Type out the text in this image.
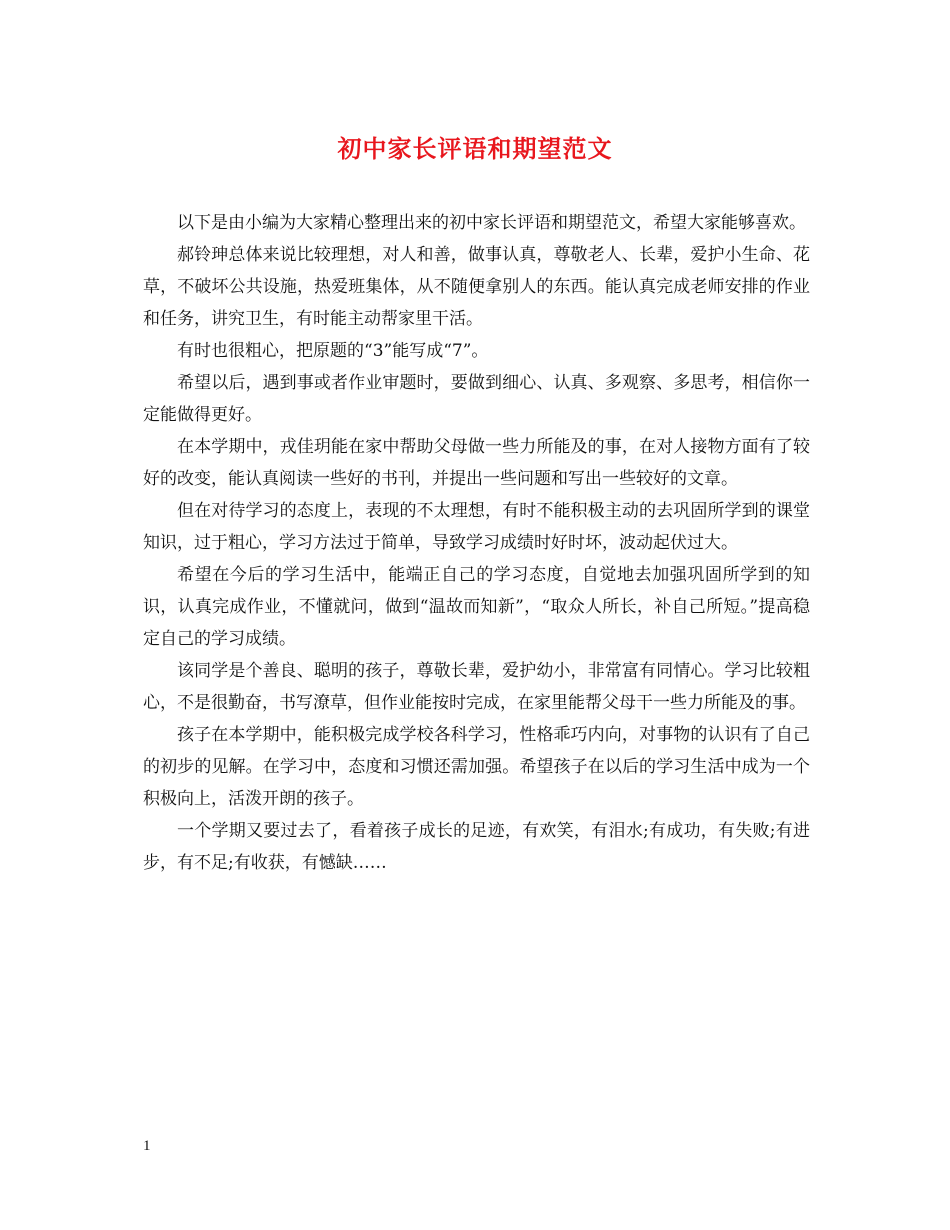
初中家长评语和期望范文

以下是由小编为大家精心整理出来的初中家长评语和期望范文，希望大家能够喜欢。

郝铃珅总体来说比较理想，对人和善，做事认真，尊敬老人、长辈，爱护小生命、花草，不破坏公共设施，热爱班集体，从不随便拿别人的东西。能认真完成老师安排的作业和任务，讲究卫生，有时能主动帮家里干活。

有时也很粗心，把原题的“3”能写成“7”。

希望以后，遇到事或者作业审题时，要做到细心、认真、多观察、多思考，相信你一定能做得更好。

在本学期中，戎佳玥能在家中帮助父母做一些力所能及的事，在对人接物方面有了较好的改变，能认真阅读一些好的书刊，并提出一些问题和写出一些较好的文章。

但在对待学习的态度上，表现的不太理想，有时不能积极主动的去巩固所学到的课堂知识，过于粗心，学习方法过于简单，导致学习成绩时好时坏，波动起伏过大。

希望在今后的学习生活中，能端正自己的学习态度，自觉地去加强巩固所学到的知识，认真完成作业，不懂就问，做到“温故而知新”，“取众人所长，补自己所短。”提高稳定自己的学习成绩。

该同学是个善良、聪明的孩子，尊敬长辈，爱护幼小，非常富有同情心。学习比较粗心，不是很勤奋，书写潦草，但作业能按时完成，在家里能帮父母干一些力所能及的事。

孩子在本学期中，能积极完成学校各科学习，性格乖巧内向，对事物的认识有了自己的初步的见解。在学习中，态度和习惯还需加强。希望孩子在以后的学习生活中成为一个积极向上，活泼开朗的孩子。

一个学期又要过去了，看着孩子成长的足迹，有欢笑，有泪水;有成功，有失败;有进步，有不足;有收获，有憾缺……

1
